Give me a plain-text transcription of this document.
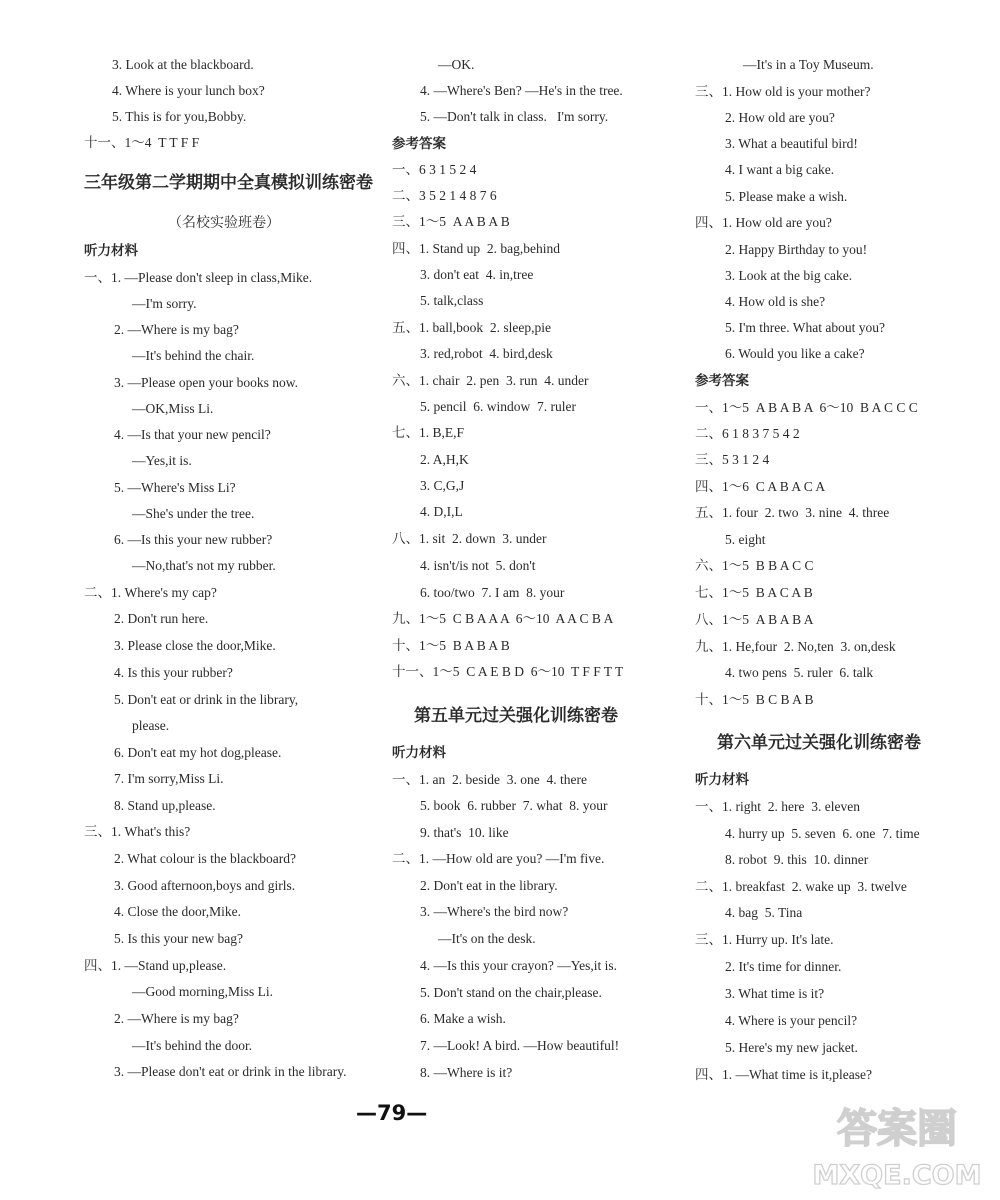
3. Look at the blackboard.
4. Where is your lunch box?
5. This is for you,Bobby.
十一、1～4  T T F F
三年级第二学期期中全真模拟训练密卷
（名校实验班卷）
听力材料
一、1. —Please don't sleep in class,Mike.
—I'm sorry.
2. —Where is my bag?
—It's behind the chair.
3. —Please open your books now.
—OK,Miss Li.
4. —Is that your new pencil?
—Yes,it is.
5. —Where's Miss Li?
—She's under the tree.
6. —Is this your new rubber?
—No,that's not my rubber.
二、1. Where's my cap?
2. Don't run here.
3. Please close the door,Mike.
4. Is this your rubber?
5. Don't eat or drink in the library,
please.
6. Don't eat my hot dog,please.
7. I'm sorry,Miss Li.
8. Stand up,please.
三、1. What's this?
2. What colour is the blackboard?
3. Good afternoon,boys and girls.
4. Close the door,Mike.
5. Is this your new bag?
四、1. —Stand up,please.
—Good morning,Miss Li.
2. —Where is my bag?
—It's behind the door.
3. —Please don't eat or drink in the library.
—OK.
4. —Where's Ben? —He's in the tree.
5. —Don't talk in class.   I'm sorry.
参考答案
一、6 3 1 5 2 4
二、3 5 2 1 4 8 7 6
三、1～5  A A B A B
四、1. Stand up  2. bag,behind
3. don't eat  4. in,tree
5. talk,class
五、1. ball,book  2. sleep,pie
3. red,robot  4. bird,desk
六、1. chair  2. pen  3. run  4. under
5. pencil  6. window  7. ruler
七、1. B,E,F
2. A,H,K
3. C,G,J
4. D,I,L
八、1. sit  2. down  3. under
4. isn't/is not  5. don't
6. too/two  7. I am  8. your
九、1～5  C B A A A  6～10  A A C B A
十、1～5  B A B A B
十一、1～5  C A E B D  6～10  T F F T T
第五单元过关强化训练密卷
听力材料
一、1. an  2. beside  3. one  4. there
5. book  6. rubber  7. what  8. your
9. that's  10. like
二、1. —How old are you? —I'm five.
2. Don't eat in the library.
3. —Where's the bird now?
—It's on the desk.
4. —Is this your crayon? —Yes,it is.
5. Don't stand on the chair,please.
6. Make a wish.
7. —Look! A bird. —How beautiful!
8. —Where is it?
—It's in a Toy Museum.
三、1. How old is your mother?
2. How old are you?
3. What a beautiful bird!
4. I want a big cake.
5. Please make a wish.
四、1. How old are you?
2. Happy Birthday to you!
3. Look at the big cake.
4. How old is she?
5. I'm three. What about you?
6. Would you like a cake?
参考答案
一、1～5  A B A B A  6～10  B A C C C
二、6 1 8 3 7 5 4 2
三、5 3 1 2 4
四、1～6  C A B A C A
五、1. four  2. two  3. nine  4. three
5. eight
六、1～5  B B A C C
七、1～5  B A C A B
八、1～5  A B A B A
九、1. He,four  2. No,ten  3. on,desk
4. two pens  5. ruler  6. talk
十、1～5  B C B A B
第六单元过关强化训练密卷
听力材料
一、1. right  2. here  3. eleven
4. hurry up  5. seven  6. one  7. time
8. robot  9. this  10. dinner
二、1. breakfast  2. wake up  3. twelve
4. bag  5. Tina
三、1. Hurry up. It's late.
2. It's time for dinner.
3. What time is it?
4. Where is your pencil?
5. Here's my new jacket.
四、1. —What time is it,please?
—79—	答案圈
MXQE.COM
